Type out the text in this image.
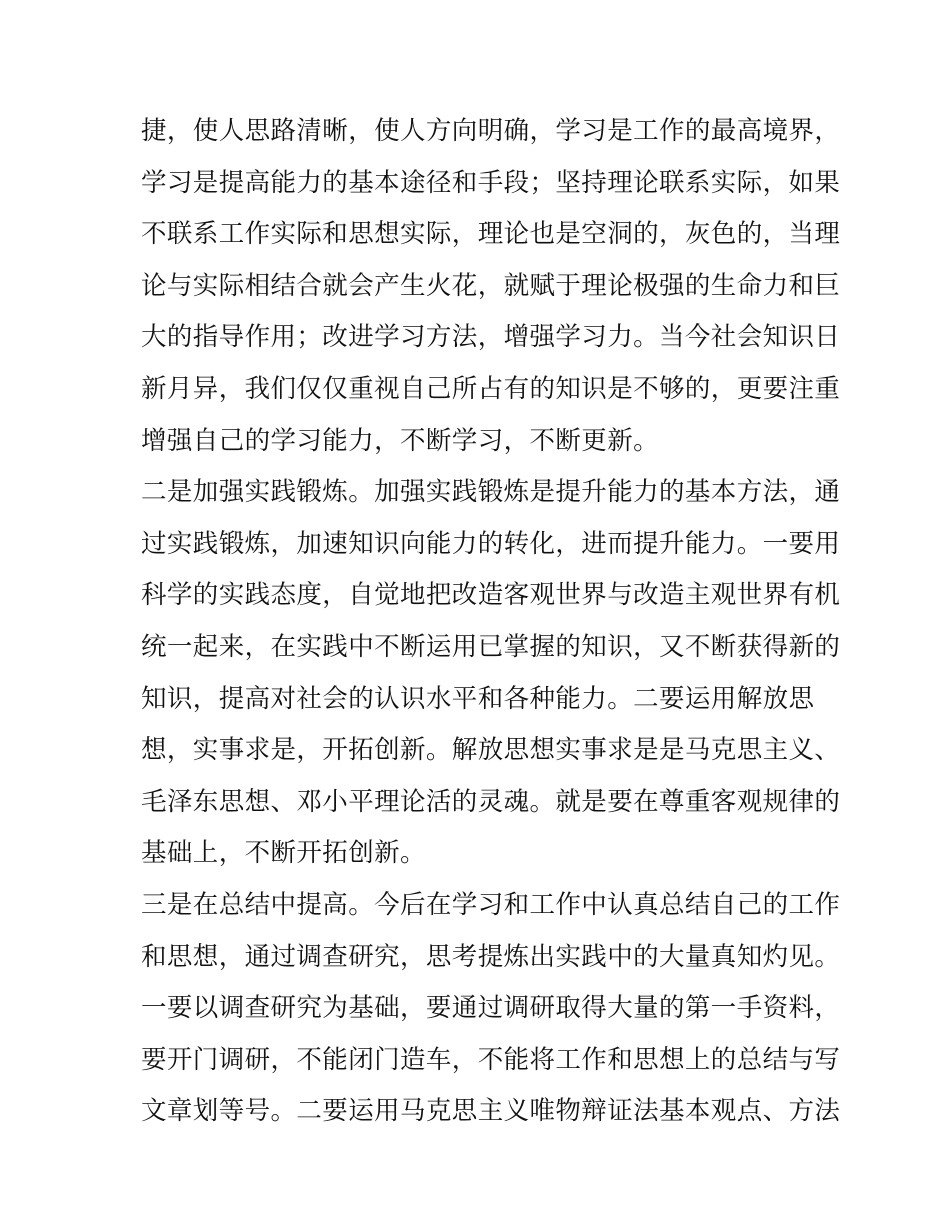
捷，使人思路清晰，使人方向明确，学习是工作的最高境界，
学习是提高能力的基本途径和手段；坚持理论联系实际，如果
不联系工作实际和思想实际，理论也是空洞的，灰色的，当理
论与实际相结合就会产生火花，就赋于理论极强的生命力和巨
大的指导作用；改进学习方法，增强学习力。当今社会知识日
新月异，我们仅仅重视自己所占有的知识是不够的，更要注重
增强自己的学习能力，不断学习，不断更新。
二是加强实践锻炼。加强实践锻炼是提升能力的基本方法，通
过实践锻炼，加速知识向能力的转化，进而提升能力。一要用
科学的实践态度，自觉地把改造客观世界与改造主观世界有机
统一起来，在实践中不断运用已掌握的知识，又不断获得新的
知识，提高对社会的认识水平和各种能力。二要运用解放思
想，实事求是，开拓创新。解放思想实事求是是马克思主义、
毛泽东思想、邓小平理论活的灵魂。就是要在尊重客观规律的
基础上，不断开拓创新。
三是在总结中提高。今后在学习和工作中认真总结自己的工作
和思想，通过调查研究，思考提炼出实践中的大量真知灼见。
一要以调查研究为基础，要通过调研取得大量的第一手资料，
要开门调研，不能闭门造车，不能将工作和思想上的总结与写
文章划等号。二要运用马克思主义唯物辩证法基本观点、方法
